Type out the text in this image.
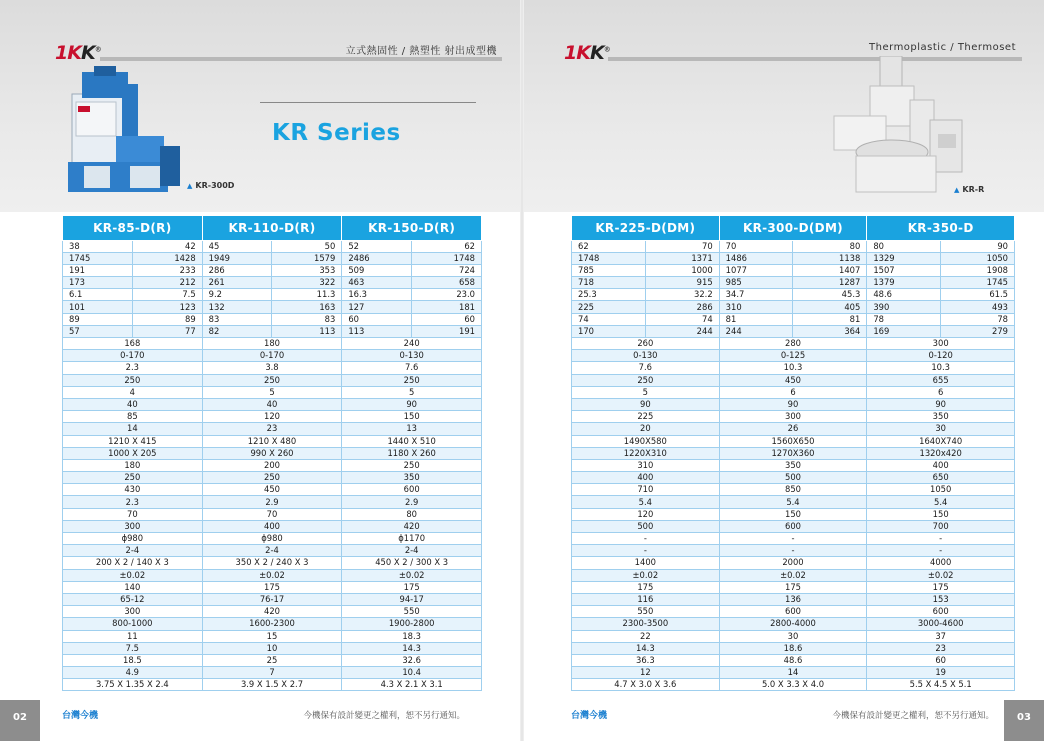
1KK®	立式熱固性 / 熱塑性 射出成型機
KR Series
▲ KR-300D
KR-85-D(R)		KR-110-D(R)		KR-150-D(R)	
38	42	45	50	52	62
1745	1428	1949	1579	2486	1748
191	233	286	353	509	724
173	212	261	322	463	658
6.1	7.5	9.2	11.3	16.3	23.0
101	123	132	163	127	181
89	89	83	83	60	60
57	77	82	113	113	191
168		180		240	
0-170		0-170		0-130	
2.3		3.8		7.6	
250		250		250	
4		5		5	
40		40		90	
85		120		150	
14		23		13	
1210 X 415		1210 X 480		1440 X 510	
1000 X 205		990 X 260		1180 X 260	
180		200		250	
250		250		350	
430		450		600	
2.3		2.9		2.9	
70		70		80	
300		400		420	
ϕ980		ϕ980		ϕ1170	
2-4		2-4		2-4	
200 X 2 / 140 X 3		350 X 2 / 240 X 3		450 X 2 / 300 X 3	
±0.02		±0.02		±0.02	
140		175		175	
65-12		76-17		94-17	
300		420		550	
800-1000		1600-2300		1900-2800	
11		15		18.3	
7.5		10		14.3	
18.5		25		32.6	
4.9		7		10.4	
3.75 X 1.35 X 2.4		3.9 X 1.5 X 2.7		4.3 X 2.1 X 3.1	
02	台灣今機	今機保有設計變更之權利，恕不另行通知。
1KK®	Thermoplastic / Thermoset
▲ KR-R
KR-225-D(DM)		KR-300-D(DM)		KR-350-D	
62	70	70	80	80	90
1748	1371	1486	1138	1329	1050
785	1000	1077	1407	1507	1908
718	915	985	1287	1379	1745
25.3	32.2	34.7	45.3	48.6	61.5
225	286	310	405	390	493
74	74	81	81	78	78
170	244	244	364	169	279
260		280		300	
0-130		0-125		0-120	
7.6		10.3		10.3	
250		450		655	
5		6		6	
90		90		90	
225		300		350	
20		26		30	
1490X580		1560X650		1640X740	
1220X310		1270X360		1320x420	
310		350		400	
400		500		650	
710		850		1050	
5.4		5.4		5.4	
120		150		150	
500		600		700	
-		-		-	
-		-		-	
1400		2000		4000	
±0.02		±0.02		±0.02	
175		175		175	
116		136		153	
550		600		600	
2300-3500		2800-4000		3000-4600	
22		30		37	
14.3		18.6		23	
36.3		48.6		60	
12		14		19	
4.7 X 3.0 X 3.6		5.0 X 3.3 X 4.0		5.5 X 4.5 X 5.1	
03
台灣今機	今機保有設計變更之權利，恕不另行通知。
